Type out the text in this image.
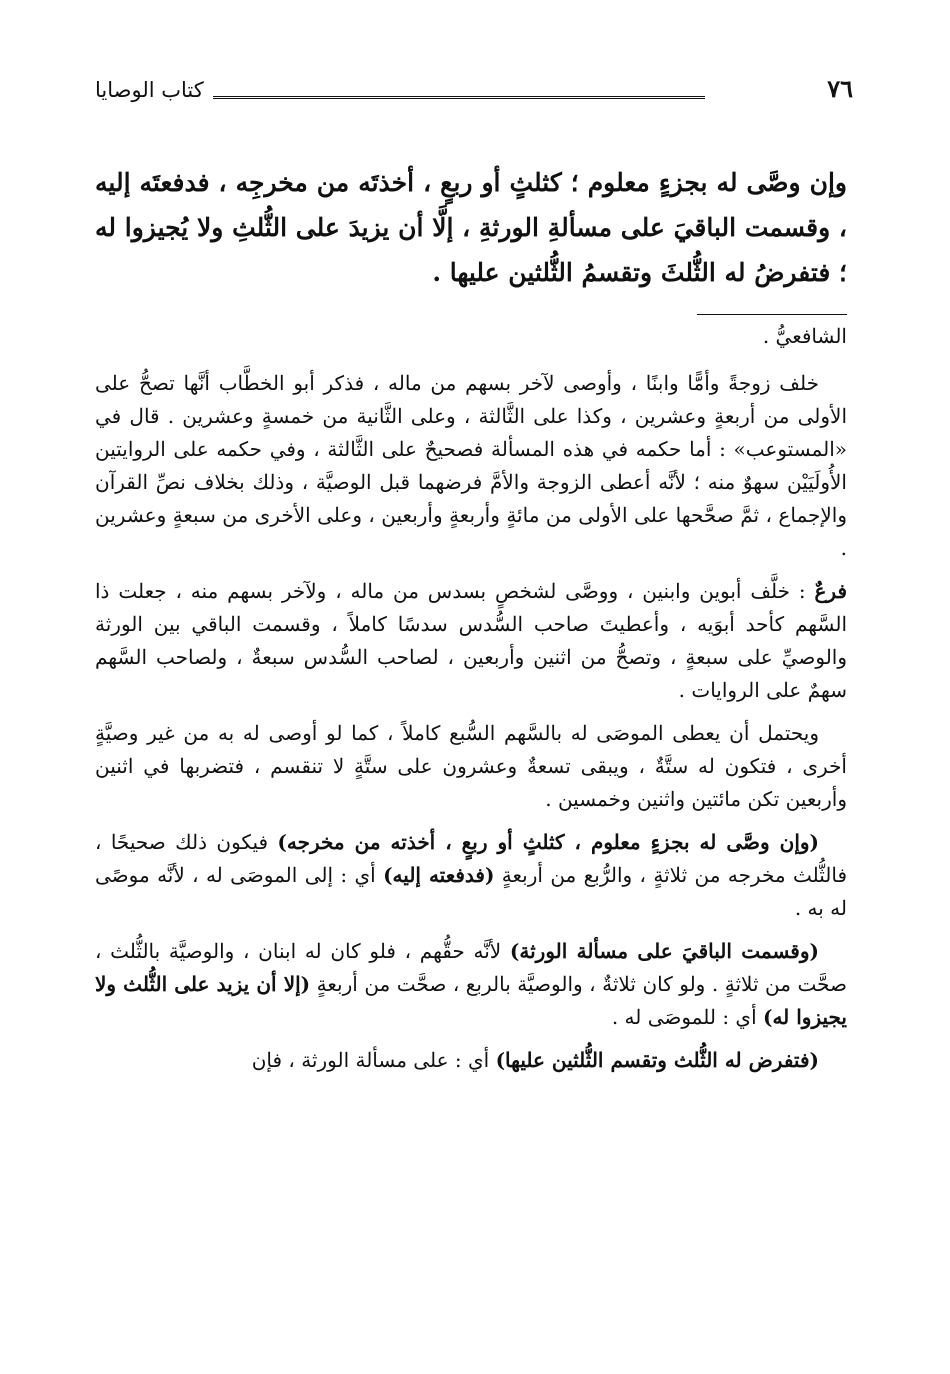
٧٦
كتاب الوصايا
وإن وصَّى له بجزءٍ معلوم ؛ كثلثٍ أو ربعٍ ، أخذتَه من مخرجِه ، فدفعتَه إليه ، وقسمت الباقيَ على مسألةِ الورثةِ ، إلَّا أن يزيدَ على الثُّلثِ ولا يُجيزوا له ؛ فتفرضُ له الثُّلثَ وتقسمُ الثُّلثين عليها .

الشافعيُّ .

خلف زوجةً وأمًّا وابنًا ، وأوصى لآخر بسهم من ماله ، فذكر أبو الخطَّاب أنَّها تصحُّ على الأولى من أربعةٍ وعشرين ، وكذا على الثَّالثة ، وعلى الثَّانية من خمسةٍ وعشرين . قال في «المستوعب» : أما حكمه في هذه المسألة فصحيحٌ على الثَّالثة ، وفي حكمه على الروايتين الأُولَيَيْن سهوٌ منه ؛ لأنَّه أعطى الزوجة والأمَّ فرضهما قبل الوصيَّة ، وذلك بخلاف نصِّ القرآن والإجماع ، ثمَّ صحَّحها على الأولى من مائةٍ وأربعةٍ وأربعين ، وعلى الأخرى من سبعةٍ وعشرين .

فرعٌ : خلَّف أبوين وابنين ، ووصَّى لشخصٍ بسدس من ماله ، ولآخر بسهم منه ، جعلت ذا السَّهم كأحد أبوَيه ، وأعطيتَ صاحب السُّدس سدسًا كاملاً ، وقسمت الباقي بين الورثة والوصيِّ على سبعةٍ ، وتصحُّ من اثنين وأربعين ، لصاحب السُّدس سبعةٌ ، ولصاحب السَّهم سهمٌ على الروايات .

ويحتمل أن يعطى الموصَى له بالسَّهم السُّبع كاملاً ، كما لو أوصى له به من غير وصيَّةٍ أخرى ، فتكون له ستَّةٌ ، ويبقى تسعةٌ وعشرون على ستَّةٍ لا تنقسم ، فتضربها في اثنين وأربعين تكن مائتين واثنين وخمسين .

(وإن وصَّى له بجزءٍ معلوم ، كثلثٍ أو ربعٍ ، أخذته من مخرجه) فيكون ذلك صحيحًا ، فالثُّلث مخرجه من ثلاثةٍ ، والرُّبع من أربعةٍ (فدفعته إليه) أي : إلى الموصَى له ، لأنَّه موصًى له به .

(وقسمت الباقيَ على مسألة الورثة) لأنَّه حقُّهم ، فلو كان له ابنان ، والوصيَّة بالثُّلث ، صحَّت من ثلاثةٍ . ولو كان ثلاثةٌ ، والوصيَّة بالربع ، صحَّت من أربعةٍ (إلا أن يزيد على الثُّلث ولا يجيزوا له) أي : للموصَى له .

(فتفرض له الثُّلث وتقسم الثُّلثين عليها) أي : على مسألة الورثة ، فإن
